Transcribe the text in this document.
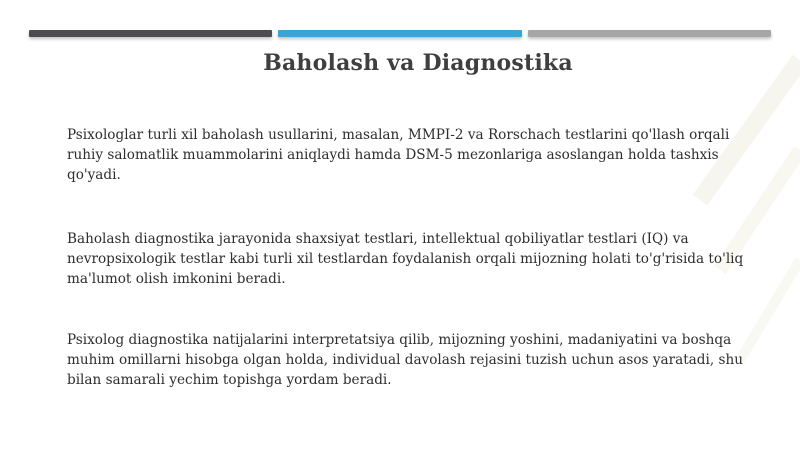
Baholash va Diagnostika
Psixologlar turli xil baholash usullarini, masalan, MMPI-2 va Rorschach testlarini qo'llash orqali ruhiy salomatlik muammolarini aniqlaydi hamda DSM-5 mezonlariga asoslangan holda tashxis qo'yadi.
Baholash diagnostika jarayonida shaxsiyat testlari, intellektual qobiliyatlar testlari (IQ) va nevropsixologik testlar kabi turli xil testlardan foydalanish orqali mijozning holati to'g'risida to'liq ma'lumot olish imkonini beradi.
Psixolog diagnostika natijalarini interpretatsiya qilib, mijozning yoshini, madaniyatini va boshqa muhim omillarni hisobga olgan holda, individual davolash rejasini tuzish uchun asos yaratadi, shu bilan samarali yechim topishga yordam beradi.
